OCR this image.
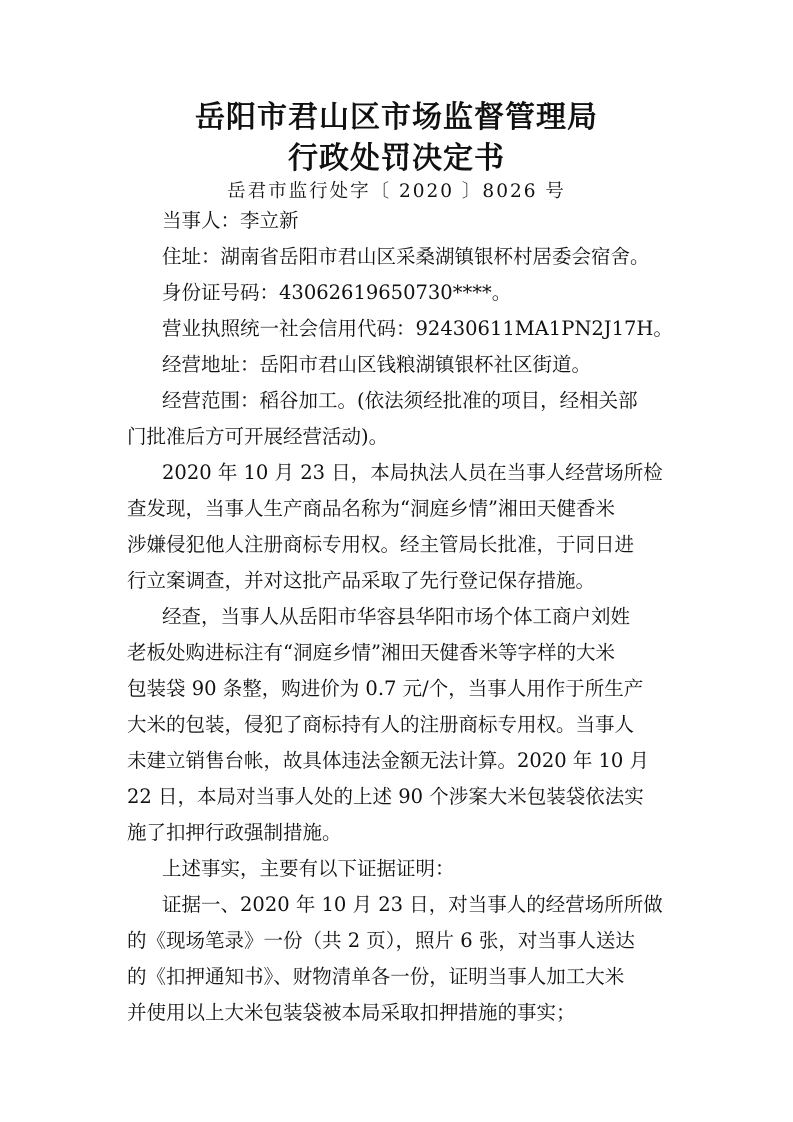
岳阳市君山区市场监督管理局
行政处罚决定书
岳君市监行处字〔 2020 〕8026 号
当事人：李立新
住址：湖南省岳阳市君山区采桑湖镇银杯村居委会宿舍。
身份证号码：43062619650730****。
营业执照统一社会信用代码：92430611MA1PN2J17H。
经营地址：岳阳市君山区钱粮湖镇银杯社区街道。
经营范围：稻谷加工。(依法须经批准的项目，经相关部
门批准后方可开展经营活动)。
2020 年 10 月 23 日，本局执法人员在当事人经营场所检
查发现，当事人生产商品名称为“洞庭乡情”湘田天健香米
涉嫌侵犯他人注册商标专用权。经主管局长批准，于同日进
行立案调查，并对这批产品采取了先行登记保存措施。
经查，当事人从岳阳市华容县华阳市场个体工商户刘姓
老板处购进标注有“洞庭乡情”湘田天健香米等字样的大米
包装袋 90 条整，购进价为 0.7 元/个，当事人用作于所生产
大米的包装，侵犯了商标持有人的注册商标专用权。当事人
未建立销售台帐，故具体违法金额无法计算。2020 年 10 月
22 日，本局对当事人处的上述 90 个涉案大米包装袋依法实
施了扣押行政强制措施。
上述事实，主要有以下证据证明：
证据一、2020 年 10 月 23 日，对当事人的经营场所所做
的《现场笔录》一份（共 2 页），照片 6 张，对当事人送达
的《扣押通知书》、财物清单各一份，证明当事人加工大米
并使用以上大米包装袋被本局采取扣押措施的事实；
